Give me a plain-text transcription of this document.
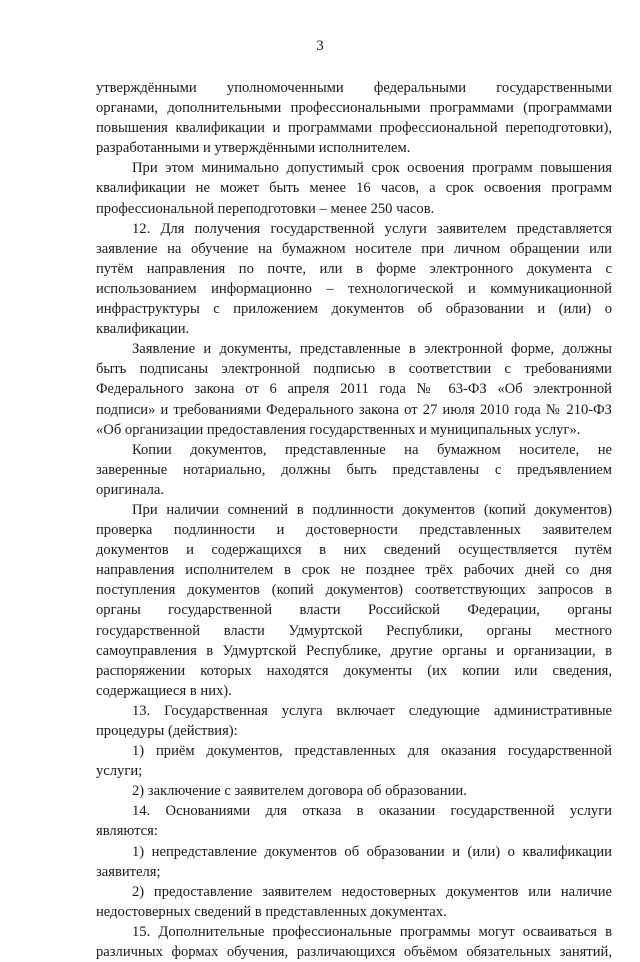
3
утверждёнными уполномоченными федеральными государственными
органами, дополнительными профессиональными программами (программами
повышения квалификации и программами профессиональной переподготовки),
разработанными и утверждёнными исполнителем.
При этом минимально допустимый срок освоения программ повышения
квалификации не может быть менее 16 часов, а срок освоения программ
профессиональной переподготовки – менее 250 часов.
12. Для получения государственной услуги заявителем представляется
заявление на обучение на бумажном носителе при личном обращении или
путём направления по почте, или в форме электронного документа с
использованием информационно – технологической и коммуникационной
инфраструктуры с приложением документов об образовании и (или) о
квалификации.
Заявление и документы, представленные в электронной форме, должны
быть подписаны электронной подписью в соответствии с требованиями
Федерального закона от 6 апреля 2011 года № 63-ФЗ «Об электронной
подписи» и требованиями Федерального закона от 27 июля 2010 года № 210-ФЗ
«Об организации предоставления государственных и муниципальных услуг».
Копии документов, представленные на бумажном носителе, не
заверенные нотариально, должны быть представлены с предъявлением
оригинала.
При наличии сомнений в подлинности документов (копий документов)
проверка подлинности и достоверности представленных заявителем
документов и содержащихся в них сведений осуществляется путём
направления исполнителем в срок не позднее трёх рабочих дней со дня
поступления документов (копий документов) соответствующих запросов в
органы государственной власти Российской Федерации, органы
государственной власти Удмуртской Республики, органы местного
самоуправления в Удмуртской Республике, другие органы и организации, в
распоряжении которых находятся документы (их копии или сведения,
содержащиеся в них).
13. Государственная услуга включает следующие административные
процедуры (действия):
1) приём документов, представленных для оказания государственной
услуги;
2) заключение с заявителем договора об образовании.
14. Основаниями для отказа в оказании государственной услуги
являются:
1) непредставление документов об образовании и (или) о квалификации
заявителя;
2) предоставление заявителем недостоверных документов или наличие
недостоверных сведений в представленных документах.
15. Дополнительные профессиональные программы могут осваиваться в
различных формах обучения, различающихся объёмом обязательных занятий,
